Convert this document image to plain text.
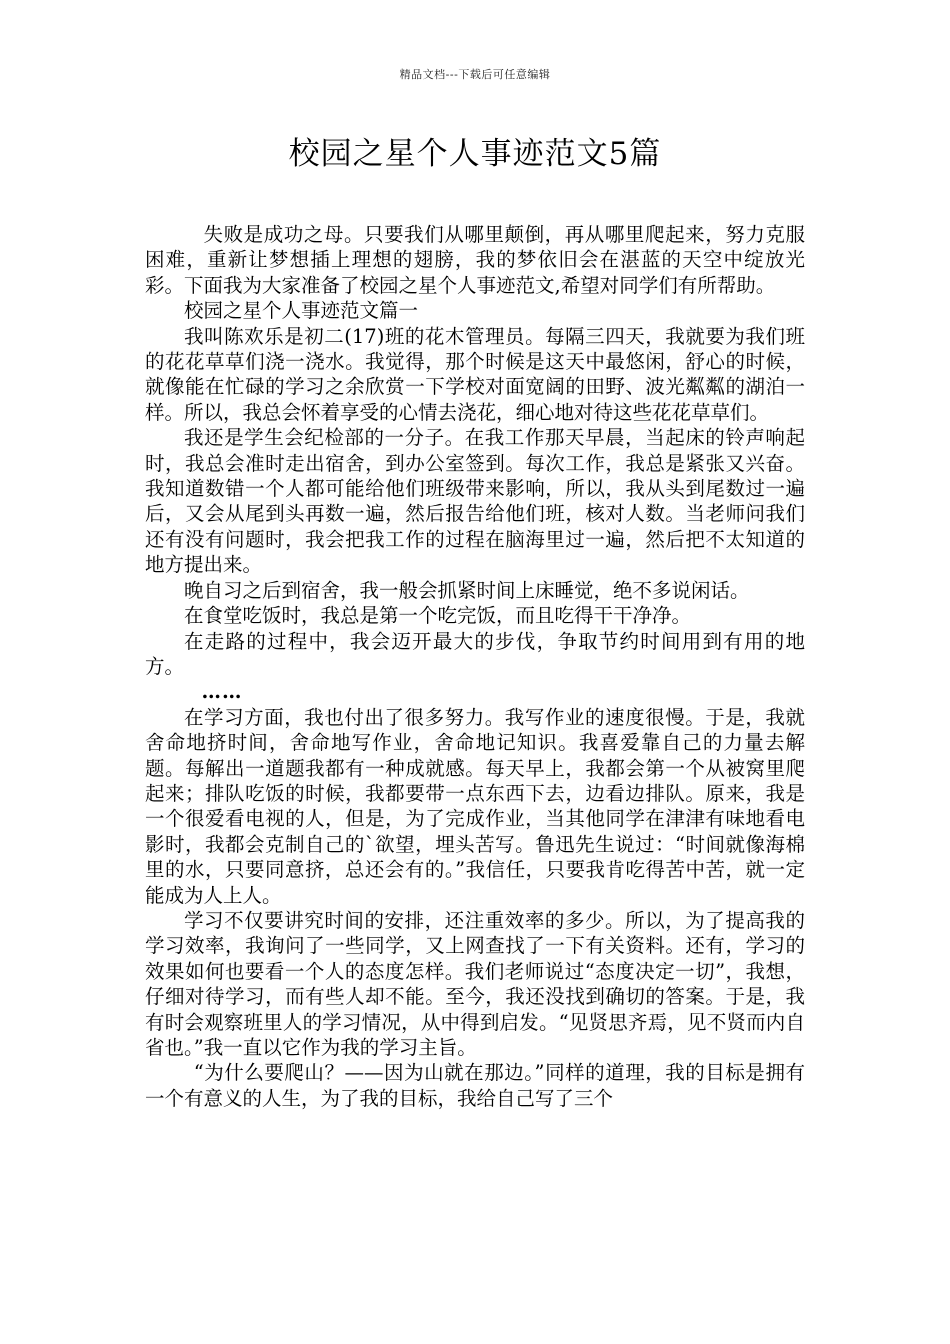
精品文档---下载后可任意编辑
校园之星个人事迹范文5篇

失败是成功之母。只要我们从哪里颠倒，再从哪里爬起来，努力克服困难，重新让梦想插上理想的翅膀，我的梦依旧会在湛蓝的天空中绽放光彩。下面我为大家准备了校园之星个人事迹范文,希望对同学们有所帮助。

校园之星个人事迹范文篇一

我叫陈欢乐是初二(17)班的花木管理员。每隔三四天，我就要为我们班的花花草草们浇一浇水。我觉得，那个时候是这天中最悠闲，舒心的时候，就像能在忙碌的学习之余欣赏一下学校对面宽阔的田野、波光粼粼的湖泊一样。所以，我总会怀着享受的心情去浇花，细心地对待这些花花草草们。

我还是学生会纪检部的一分子。在我工作那天早晨，当起床的铃声响起时，我总会准时走出宿舍，到办公室签到。每次工作，我总是紧张又兴奋。我知道数错一个人都可能给他们班级带来影响，所以，我从头到尾数过一遍后，又会从尾到头再数一遍，然后报告给他们班，核对人数。当老师问我们还有没有问题时，我会把我工作的过程在脑海里过一遍，然后把不太知道的地方提出来。

晚自习之后到宿舍，我一般会抓紧时间上床睡觉，绝不多说闲话。

在食堂吃饭时，我总是第一个吃完饭，而且吃得干干净净。

在走路的过程中，我会迈开最大的步伐，争取节约时间用到有用的地方。

……

在学习方面，我也付出了很多努力。我写作业的速度很慢。于是，我就舍命地挤时间，舍命地写作业，舍命地记知识。我喜爱靠自己的力量去解题。每解出一道题我都有一种成就感。每天早上，我都会第一个从被窝里爬起来；排队吃饭的时候，我都要带一点东西下去，边看边排队。原来，我是一个很爱看电视的人，但是，为了完成作业，当其他同学在津津有味地看电影时，我都会克制自己的`欲望，埋头苦写。鲁迅先生说过：“时间就像海棉里的水，只要同意挤，总还会有的。”我信任，只要我肯吃得苦中苦，就一定能成为人上人。

学习不仅要讲究时间的安排，还注重效率的多少。所以，为了提高我的学习效率，我询问了一些同学，又上网查找了一下有关资料。还有，学习的效果如何也要看一个人的态度怎样。我们老师说过“态度决定一切”，我想，仔细对待学习，而有些人却不能。至今，我还没找到确切的答案。于是，我有时会观察班里人的学习情况，从中得到启发。“见贤思齐焉，见不贤而内自省也。”我一直以它作为我的学习主旨。

“为什么要爬山？——因为山就在那边。”同样的道理，我的目标是拥有一个有意义的人生，为了我的目标，我给自己写了三个
